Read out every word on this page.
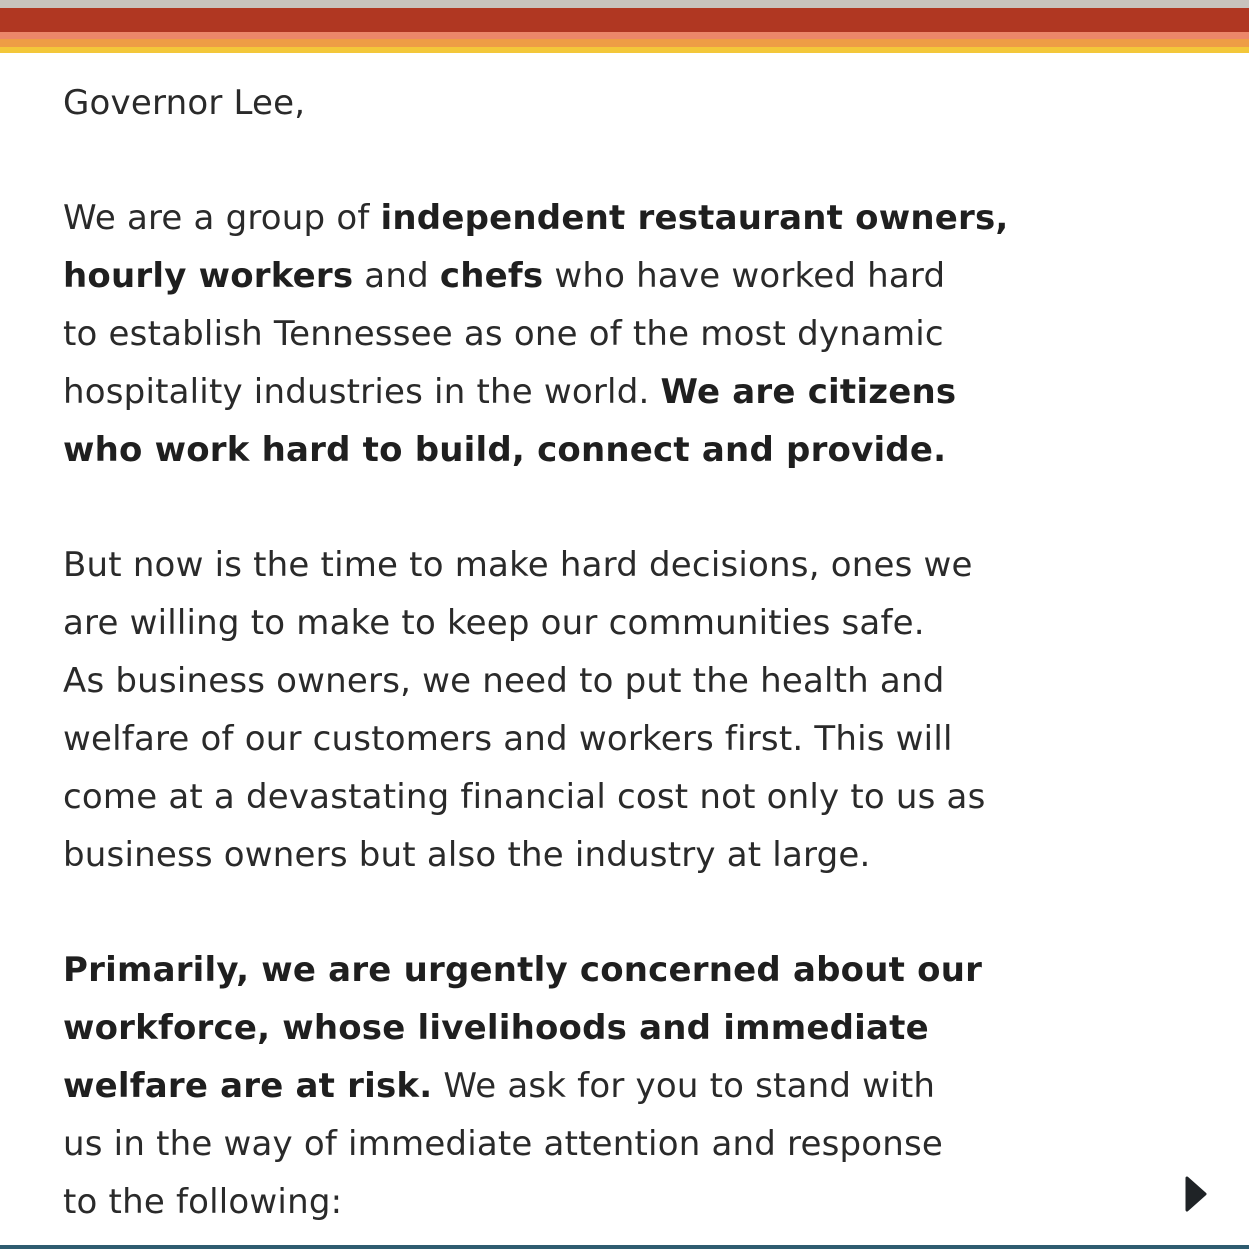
Governor Lee,
We are a group of independent restaurant owners,
hourly workers and chefs who have worked hard
to establish Tennessee as one of the most dynamic
hospitality industries in the world. We are citizens
who work hard to build, connect and provide.
But now is the time to make hard decisions, ones we
are willing to make to keep our communities safe.
As business owners, we need to put the health and
welfare of our customers and workers first. This will
come at a devastating financial cost not only to us as
business owners but also the industry at large.
Primarily, we are urgently concerned about our
workforce, whose livelihoods and immediate
welfare are at risk. We ask for you to stand with
us in the way of immediate attention and response
to the following:
